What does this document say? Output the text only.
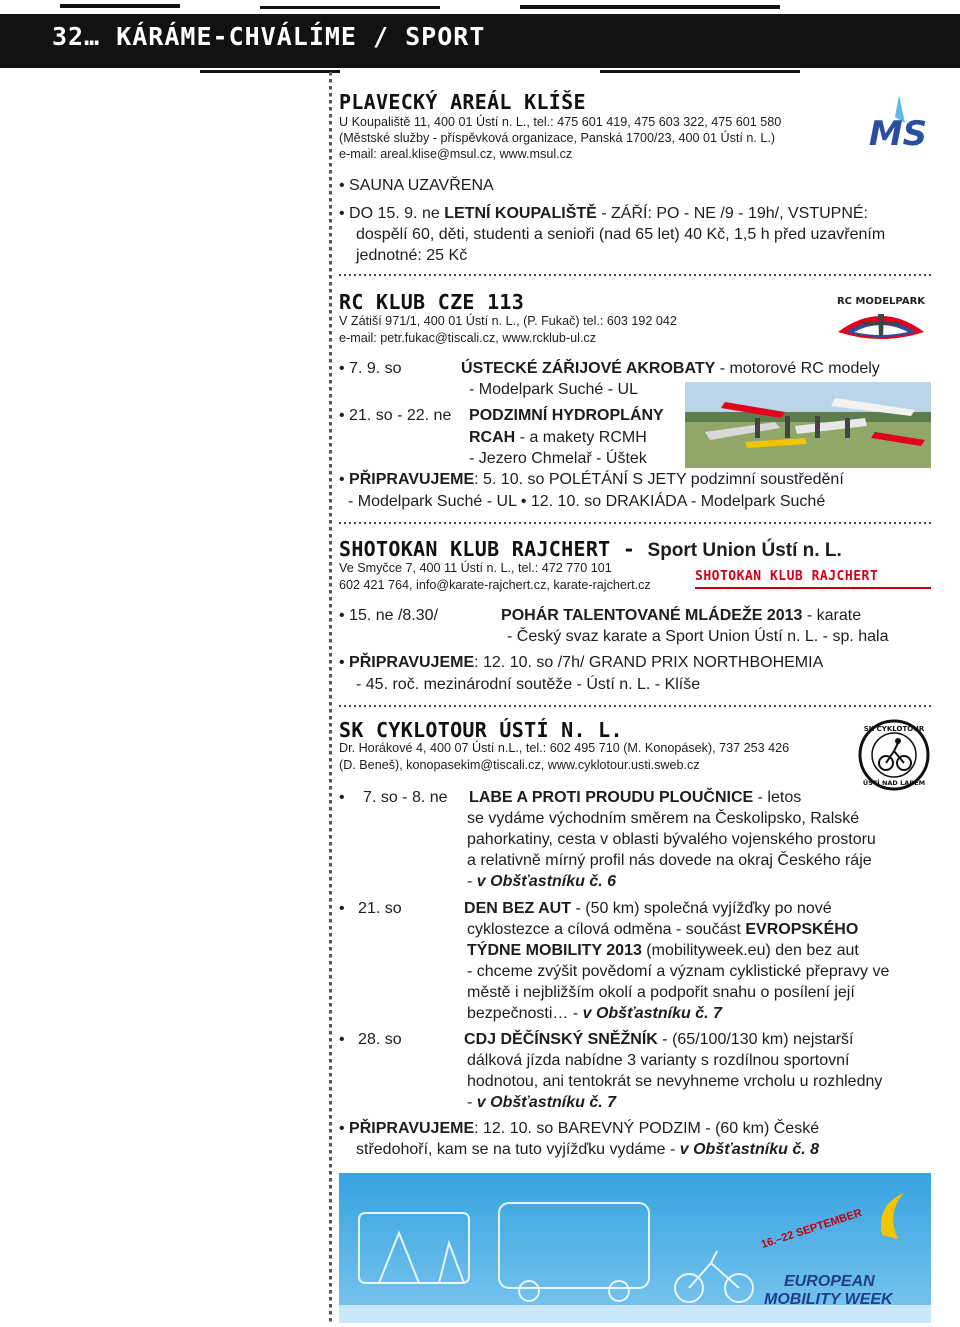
32… KÁRÁME-CHVÁLÍME / SPORT
PLAVECKÝ AREÁL KLÍŠE
U Koupaliště 11, 400 01 Ústí n. L., tel.: 475 601 419, 475 603 322, 475 601 580
(Městské služby - příspěvková organizace, Panská 1700/23, 400 01 Ústí n. L.)
e-mail: areal.klise@msul.cz, www.msul.cz	MS
• SAUNA UZAVŘENA
• DO 15. 9. ne LETNÍ KOUPALIŠTĚ - ZÁŘÍ: PO - NE /9 - 19h/, VSTUPNÉ:
dospělí 60, děti, studenti a senioři (nad 65 let) 40 Kč, 1,5 h před uzavřením
jednotné: 25 Kč
RC KLUB CZE 113
V Zátiší 971/1, 400 01 Ústí n. L., (P. Fukač) tel.: 603 192 042
e-mail: petr.fukac@tiscali.cz, www.rcklub-ul.cz
RC MODELPARK
• 7. 9. so	ÚSTECKÉ ZÁŘIJOVÉ AKROBATY - motorové RC modely
- Modelpark Suché - UL
• 21. so - 22. ne PODZIMNÍ HYDROPLÁNY
RCAH - a makety RCMH
- Jezero Chmelař - Úštek
• PŘIPRAVUJEME: 5. 10. so POLÉTÁNÍ S JETY podzimní soustředění
- Modelpark Suché - UL • 12. 10. so DRAKIÁDA - Modelpark Suché
SHOTOKAN KLUB RAJCHERT - Sport Union Ústí n. L.
Ve Smyčce 7, 400 11 Ústí n. L., tel.: 472 770 101
602 421 764, info@karate-rajchert.cz, karate-rajchert.cz
SHOTOKAN KLUB RAJCHERT
• 15. ne /8.30/	POHÁR TALENTOVANÉ MLÁDEŽE 2013 - karate
- Český svaz karate a Sport Union Ústí n. L. - sp. hala
• PŘIPRAVUJEME: 12. 10. so /7h/ GRAND PRIX NORTHBOHEMIA
- 45. roč. mezinárodní soutěže - Ústí n. L. - Klíše
SK CYKLOTOUR ÚSTÍ N. L.
Dr. Horákové 4, 400 07 Ústí n.L., tel.: 602 495 710 (M. Konopásek), 737 253 426
(D. Beneš), konopasekim@tiscali.cz, www.cyklotour.usti.sweb.cz
SK CYKLOTOUR
ÚSTÍ NAD LABEM
• 7. so - 8. ne LABE A PROTI PROUDU PLOUČNICE - letos
se vydáme východním směrem na Českolipsko, Ralské
pahorkatiny, cesta v oblasti bývalého vojenského prostoru
a relativně mírný profil nás dovede na okraj Českého ráje
- v Obšťastníku č. 6
• 21. so	DEN BEZ AUT - (50 km) společná vyjížďky po nové
cyklostezce a cílová odměna - součást EVROPSKÉHO
TÝDNE MOBILITY 2013 (mobilityweek.eu) den bez aut
- chceme zvýšit povědomí a význam cyklistické přepravy ve
městě i nejbližším okolí a podpořit snahu o posílení její
bezpečnosti… - v Obšťastníku č. 7
• 28. so	CDJ DĚČÍNSKÝ SNĚŽNÍK - (65/100/130 km) nejstarší
dálková jízda nabídne 3 varianty s rozdílnou sportovní
hodnotou, ani tentokrát se nevyhneme vrcholu u rozhledny
- v Obšťastníku č. 7
• PŘIPRAVUJEME: 12. 10. so BAREVNÝ PODZIM - (60 km) České
středohoří, kam se na tuto vyjížďku vydáme - v Obšťastníku č. 8
16.–22 SEPTEMBER
EUROPEAN
MOBILITY WEEK
